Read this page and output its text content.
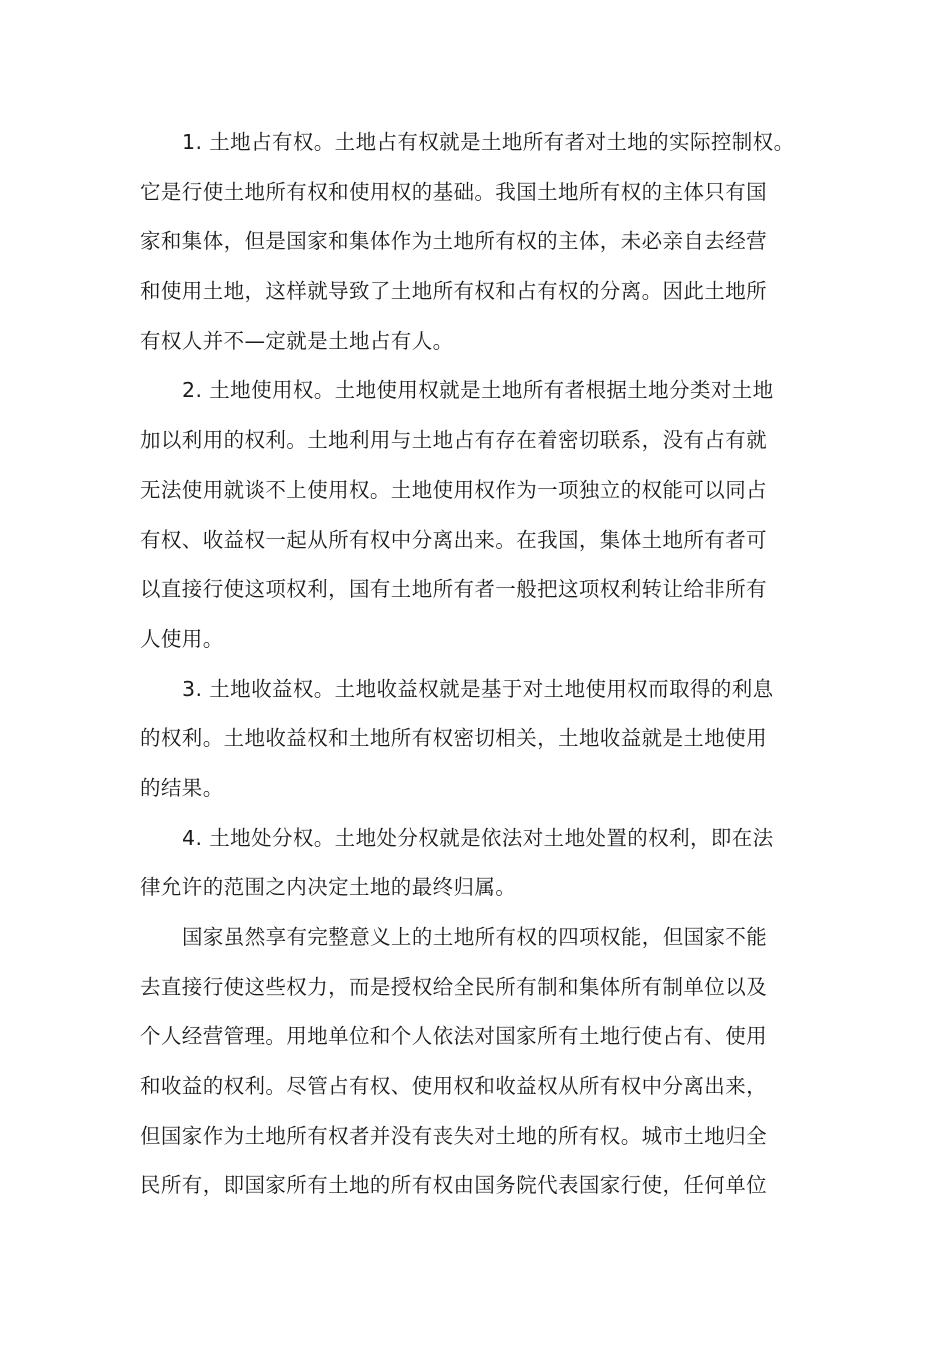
1. 土地占有权。土地占有权就是土地所有者对土地的实际控制权。
它是行使土地所有权和使用权的基础。我国土地所有权的主体只有国
家和集体，但是国家和集体作为土地所有权的主体，未必亲自去经营
和使用土地，这样就导致了土地所有权和占有权的分离。因此土地所
有权人并不—定就是土地占有人。
2. 土地使用权。土地使用权就是土地所有者根据土地分类对土地
加以利用的权利。土地利用与土地占有存在着密切联系，没有占有就
无法使用就谈不上使用权。土地使用权作为一项独立的权能可以同占
有权、收益权一起从所有权中分离出来。在我国，集体土地所有者可
以直接行使这项权利，国有土地所有者一般把这项权利转让给非所有
人使用。
3. 土地收益权。土地收益权就是基于对土地使用权而取得的利息
的权利。土地收益权和土地所有权密切相关，土地收益就是土地使用
的结果。
4. 土地处分权。土地处分权就是依法对土地处置的权利，即在法
律允许的范围之内决定土地的最终归属。
国家虽然享有完整意义上的土地所有权的四项权能，但国家不能
去直接行使这些权力，而是授权给全民所有制和集体所有制单位以及
个人经营管理。用地单位和个人依法对国家所有土地行使占有、使用
和收益的权利。尽管占有权、使用权和收益权从所有权中分离出来，
但国家作为土地所有权者并没有丧失对土地的所有权。城市土地归全
民所有，即国家所有土地的所有权由国务院代表国家行使，任何单位
